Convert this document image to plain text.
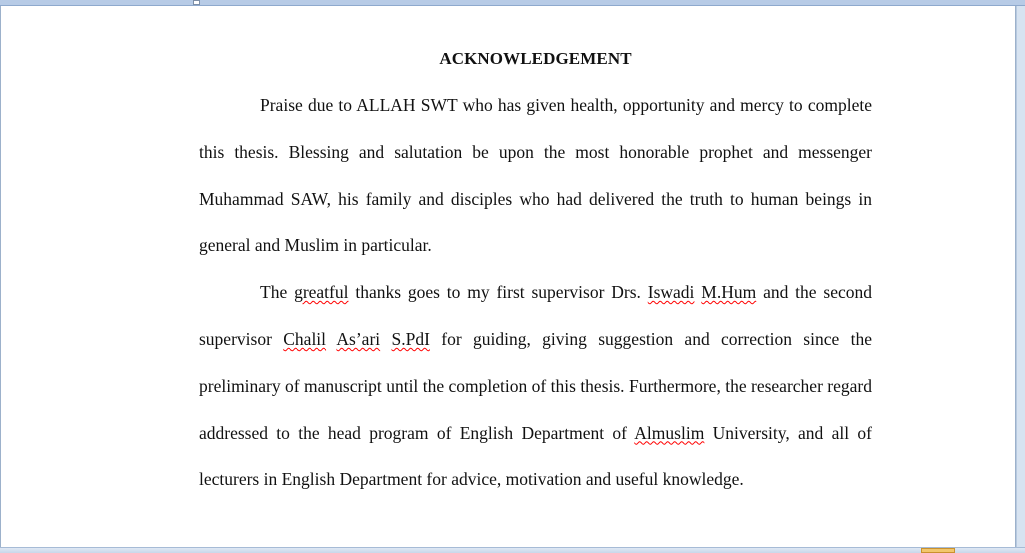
ACKNOWLEDGEMENT

Praise due to ALLAH SWT who has given health, opportunity and mercy to complete this thesis. Blessing and salutation be upon the most honorable prophet and messenger Muhammad SAW, his family and disciples who had delivered the truth to human beings in general and Muslim in particular.

The greatful thanks goes to my first supervisor Drs. Iswadi M.Hum and the second supervisor Chalil As’ari S.PdI for guiding, giving suggestion and correction since the preliminary of manuscript until the completion of this thesis. Furthermore, the researcher regard addressed to the head program of English Department of Almuslim University, and all of lecturers in English Department for advice, motivation and useful knowledge.
